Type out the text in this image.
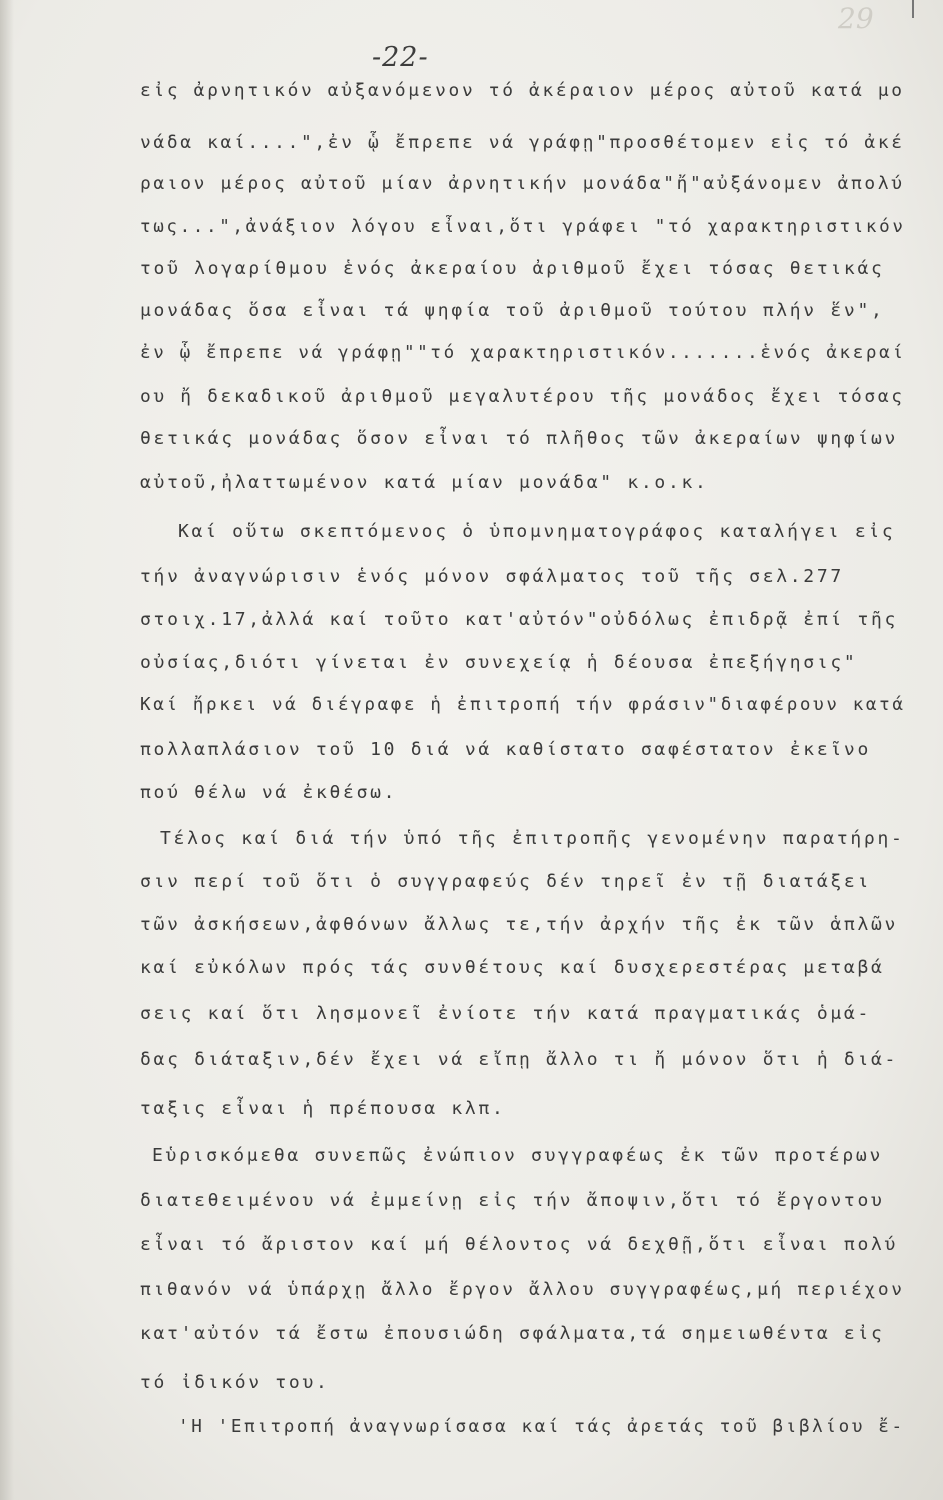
29
-22-
εἰς ἀρνητικόν αὐξανόμενον τό ἀκέραιον μέρος αὐτοῦ κατά μο
νάδα καί....",ἐν ᾧ ἔπρεπε νά γράφῃ"προσθέτομεν εἰς τό ἀκέ
ραιον μέρος αὐτοῦ μίαν ἀρνητικήν μονάδα"ἤ"αὐξάνομεν ἀπολύ
τως...",ἀνάξιον λόγου εἶναι,ὅτι γράφει "τό χαρακτηριστικόν
τοῦ λογαρίθμου ἑνός ἀκεραίου ἀριθμοῦ ἔχει τόσας θετικάς
μονάδας ὅσα εἶναι τά ψηφία τοῦ ἀριθμοῦ τούτου πλήν ἕν",
ἐν ᾧ ἔπρεπε νά γράφῃ""τό χαρακτηριστικόν.......ἑνός ἀκεραί
ου ἤ δεκαδικοῦ ἀριθμοῦ μεγαλυτέρου τῆς μονάδος ἔχει τόσας
θετικάς μονάδας ὅσον εἶναι τό πλῆθος τῶν ἀκεραίων ψηφίων
αὐτοῦ,ἠλαττωμένον κατά μίαν μονάδα" κ.ο.κ.
Καί οὕτω σκεπτόμενος ὁ ὑπομνηματογράφος καταλήγει εἰς
τήν ἀναγνώρισιν ἑνός μόνον σφάλματος τοῦ τῆς σελ.277
στοιχ.17,ἀλλά καί τοῦτο κατ'αὐτόν"οὐδόλως ἐπιδρᾷ ἐπί τῆς
οὐσίας,διότι γίνεται ἐν συνεχείᾳ ἡ δέουσα ἐπεξήγησις"
Καί ἤρκει νά διέγραφε ἡ ἐπιτροπή τήν φράσιν"διαφέρουν κατά
πολλαπλάσιον τοῦ 10 διά νά καθίστατο σαφέστατον ἐκεῖνο
πού θέλω νά ἐκθέσω.
Τέλος καί διά τήν ὑπό τῆς ἐπιτροπῆς γενομένην παρατήρη-
σιν περί τοῦ ὅτι ὁ συγγραφεύς δέν τηρεῖ ἐν τῇ διατάξει
τῶν ἀσκήσεων,ἀφθόνων ἄλλως τε,τήν ἀρχήν τῆς ἐκ τῶν ἁπλῶν
καί εὐκόλων πρός τάς συνθέτους καί δυσχερεστέρας μεταβά
σεις καί ὅτι λησμονεῖ ἐνίοτε τήν κατά πραγματικάς ὁμά-
δας διάταξιν,δέν ἔχει νά εἴπῃ ἄλλο τι ἤ μόνον ὅτι ἡ διά-
ταξις εἶναι ἡ πρέπουσα κλπ.
Εὑρισκόμεθα συνεπῶς ἐνώπιον συγγραφέως ἐκ τῶν προτέρων
διατεθειμένου νά ἐμμείνῃ εἰς τήν ἄποψιν,ὅτι τό ἔργοντου
εἶναι τό ἄριστον καί μή θέλοντος νά δεχθῇ,ὅτι εἶναι πολύ
πιθανόν νά ὑπάρχῃ ἄλλο ἔργον ἄλλου συγγραφέως,μή περιέχον
κατ'αὐτόν τά ἔστω ἐπουσιώδη σφάλματα,τά σημειωθέντα εἰς
τό ἰδικόν του.
'Η 'Επιτροπή ἀναγνωρίσασα καί τάς ἀρετάς τοῦ βιβλίου ἔ-
